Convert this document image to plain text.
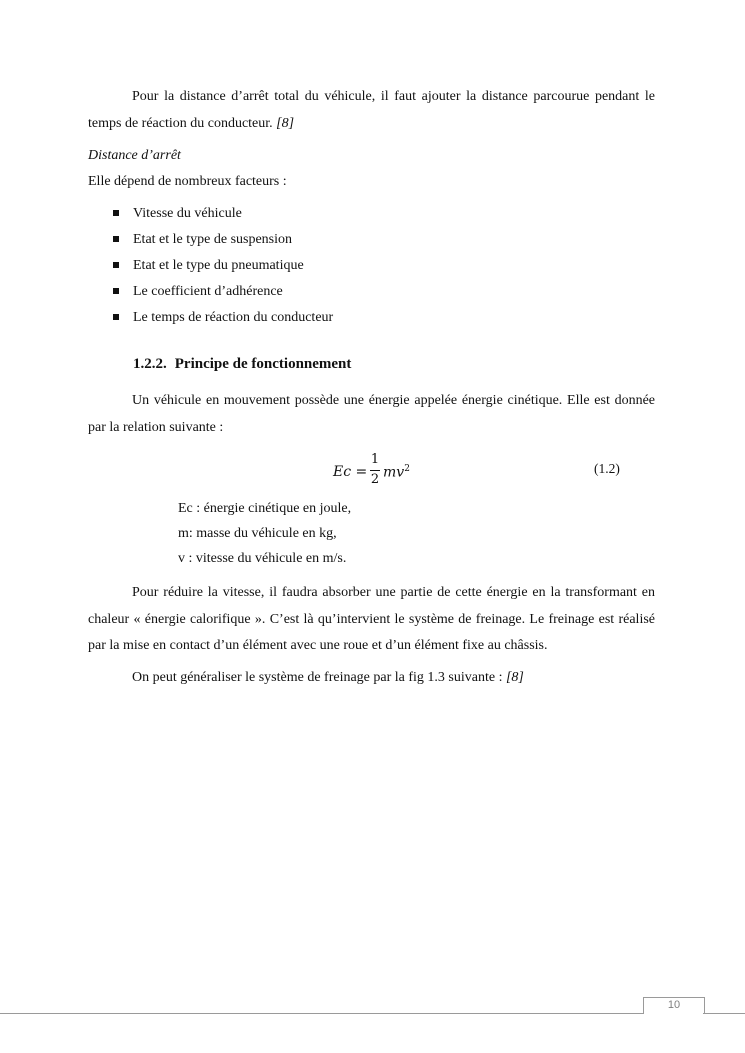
Pour la distance d’arrêt total du véhicule, il faut ajouter la distance parcourue pendant le temps de réaction du conducteur. [8]

Distance d’arrêt

Elle dépend de nombreux facteurs :

Vitesse du véhicule
Etat et le type de suspension
Etat et le type du pneumatique
Le coefficient d’adhérence
Le temps de réaction du conducteur

1.2.2. Principe de fonctionnement

Un véhicule en mouvement possède une énergie appelée énergie cinétique. Elle est donnée par la relation suivante :

Ec =
1
2 $mv^2$	(1.2)
Ec : énergie cinétique en joule,
m: masse du véhicule en kg,
v : vitesse du véhicule en m/s.

Pour réduire la vitesse, il faudra absorber une partie de cette énergie en la transformant en chaleur « énergie calorifique ». C’est là qu’intervient le système de freinage. Le freinage est réalisé par la mise en contact d’un élément avec une roue et d’un élément fixe au châssis.

On peut généraliser le système de freinage par la fig 1.3 suivante : [8]

10
